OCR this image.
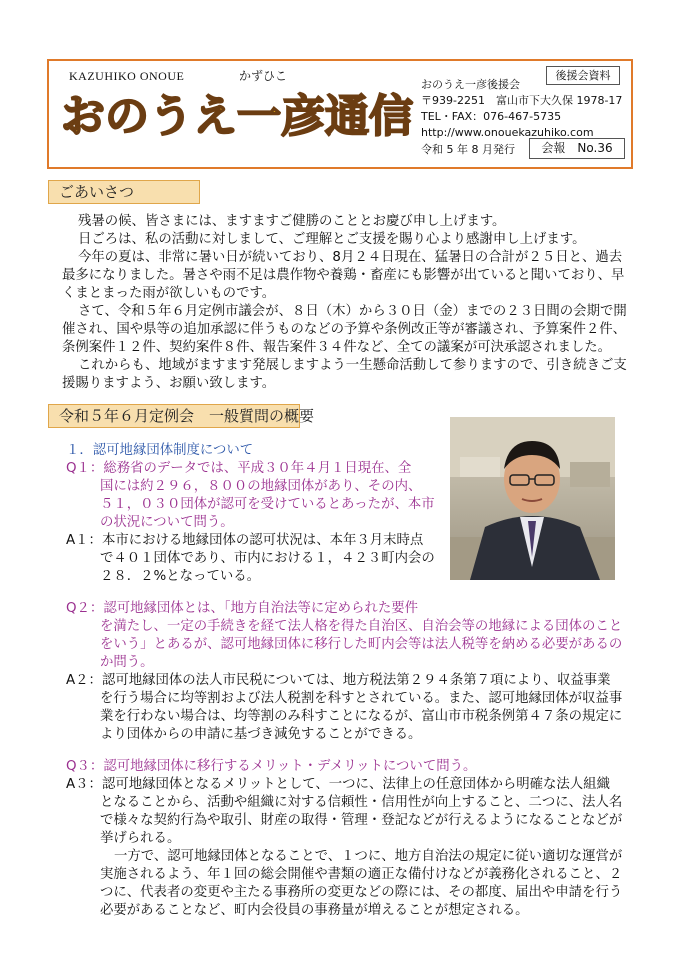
KAZUHIKO ONOUE	かずひこ
おのうえ一彦通信
後援会資料
おのうえ一彦後援会
〒939-2251　富山市下大久保 1978-17
TEL・FAX：076-467-5735
http://www.onouekazuhiko.com
令和 5 年 8 月発行	会報　No.36
ごあいさつ
残暑の候、皆さまには、ますますご健勝のこととお慶び申し上げます。
日ごろは、私の活動に対しまして、ご理解とご支援を賜り心より感謝申し上げます。
今年の夏は、非常に暑い日が続いており、8月２４日現在、猛暑日の合計が２５日と、過去
最多になりました。暑さや雨不足は農作物や養鶏・畜産にも影響が出ていると聞いており、早
くまとまった雨が欲しいものです。
さて、令和５年６月定例市議会が、８日（木）から３０日（金）までの２３日間の会期で開
催され、国や県等の追加承認に伴うものなどの予算や条例改正等が審議され、予算案件２件、
条例案件１２件、契約案件８件、報告案件３４件など、全ての議案が可決承認されました。
これからも、地域がますます発展しますよう一生懸命活動して参りますので、引き続きご支
援賜りますよう、お願い致します。
令和５年６月定例会　一般質問の概要
１．認可地縁団体制度について
Q１：総務省のデータでは、平成３０年４月１日現在、全
国には約２９６，８００の地縁団体があり、その内、
５１，０３０団体が認可を受けているとあったが、本市
の状況について問う。
A１：本市における地縁団体の認可状況は、本年３月末時点
で４０１団体であり、市内における１，４２３町内会の
２８．２%となっている。
Q２：認可地縁団体とは、「地方自治法等に定められた要件
を満たし、一定の手続きを経て法人格を得た自治区、自治会等の地縁による団体のこと
をいう」とあるが、認可地縁団体に移行した町内会等は法人税等を納める必要があるの
か問う。
A２：認可地縁団体の法人市民税については、地方税法第２９４条第７項により、収益事業
を行う場合に均等割および法人税割を科すとされている。また、認可地縁団体が収益事
業を行わない場合は、均等割のみ科すことになるが、富山市市税条例第４７条の規定に
より団体からの申請に基づき減免することができる。
Q３：認可地縁団体に移行するメリット・デメリットについて問う。
A３：認可地縁団体となるメリットとして、一つに、法律上の任意団体から明確な法人組織
となることから、活動や組織に対する信頼性・信用性が向上すること、二つに、法人名
で様々な契約行為や取引、財産の取得・管理・登記などが行えるようになることなどが
挙げられる。
一方で、認可地縁団体となることで、１つに、地方自治法の規定に従い適切な運営が
実施されるよう、年１回の総会開催や書類の適正な備付けなどが義務化されること、２
つに、代表者の変更や主たる事務所の変更などの際には、その都度、届出や申請を行う
必要があることなど、町内会役員の事務量が増えることが想定される。
